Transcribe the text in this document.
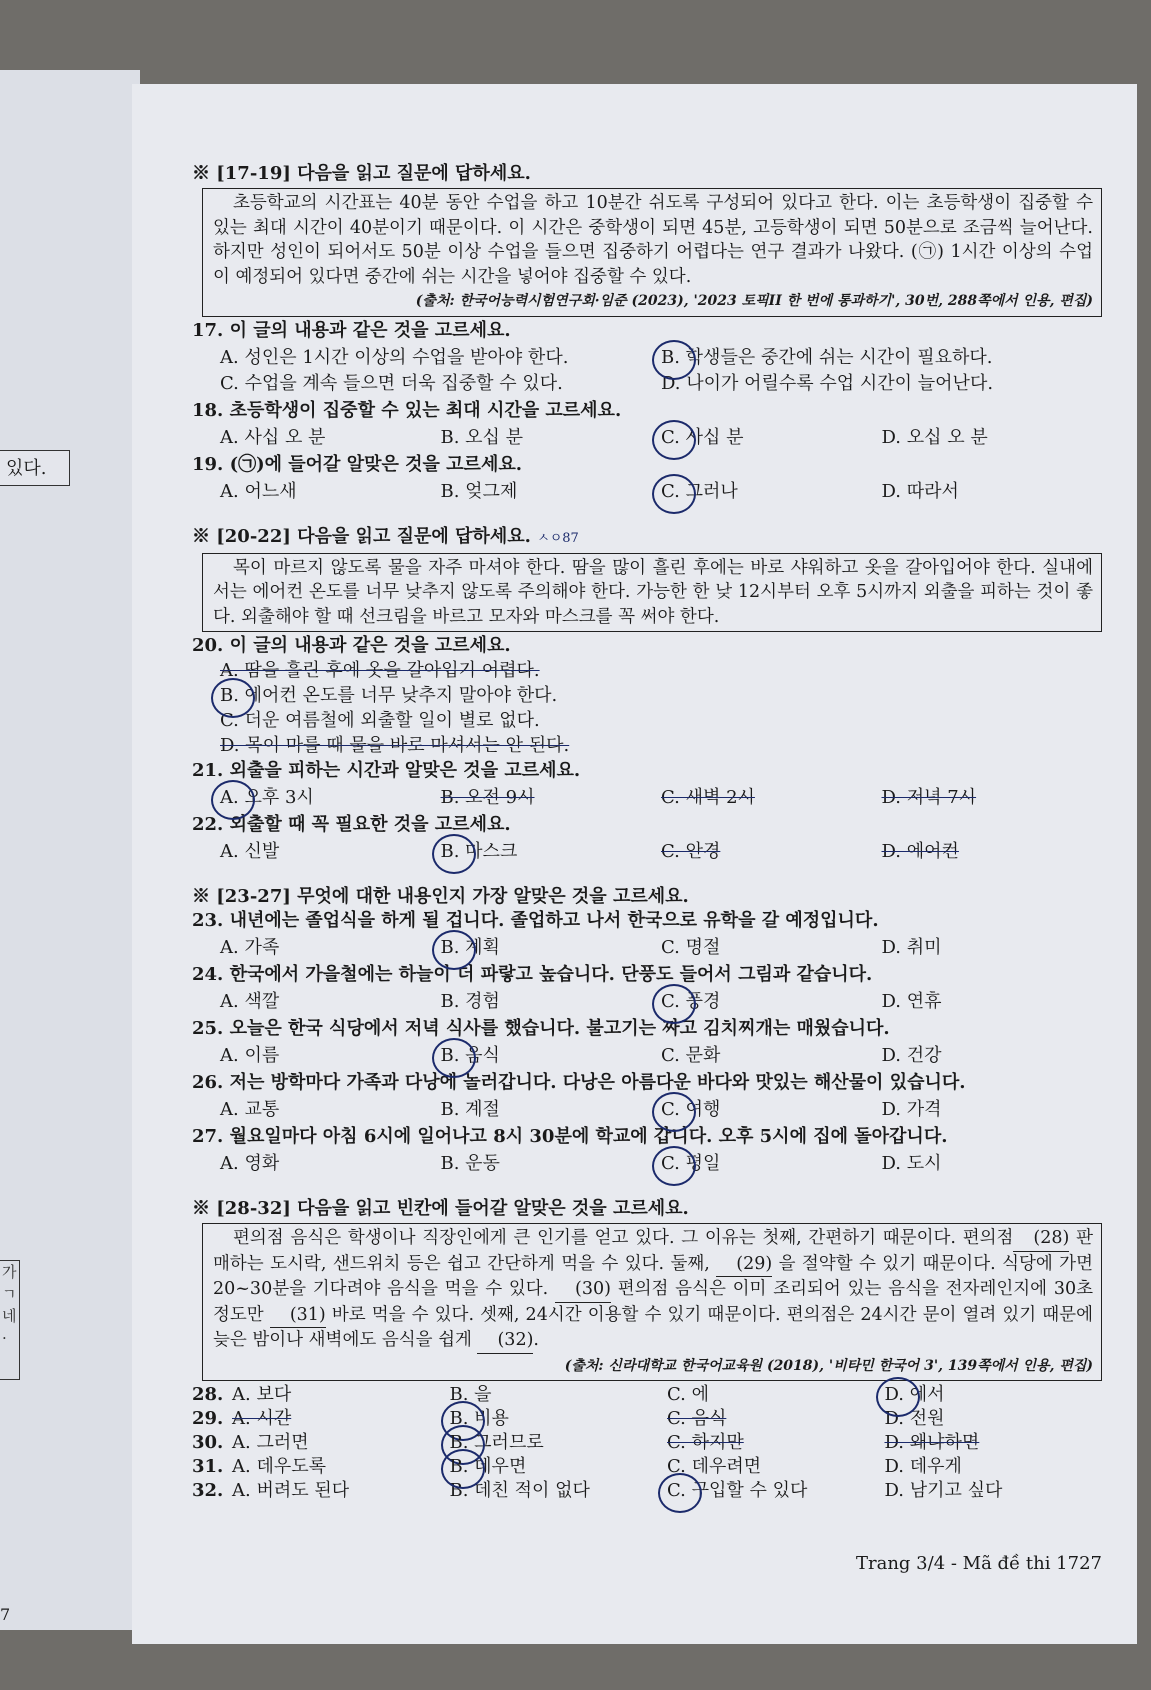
있다.
가
ㄱ
네
·
7

※ [17-19] 다음을 읽고 질문에 답하세요.

초등학교의 시간표는 40분 동안 수업을 하고 10분간 쉬도록 구성되어 있다고 한다. 이는 초등학생이 집중할 수 있는 최대 시간이 40분이기 때문이다. 이 시간은 중학생이 되면 45분, 고등학생이 되면 50분으로 조금씩 늘어난다. 하지만 성인이 되어서도 50분 이상 수업을 들으면 집중하기 어렵다는 연구 결과가 나왔다. (㉠) 1시간 이상의 수업이 예정되어 있다면 중간에 쉬는 시간을 넣어야 집중할 수 있다.
(출처: 한국어능력시험연구회·임준 (2023), '2023 토픽II 한 번에 통과하기', 30번, 288쪽에서 인용, 편집)

17. 이 글의 내용과 같은 것을 고르세요.

A. 성인은 1시간 이상의 수업을 받아야 한다.	B. 학생들은 중간에 쉬는 시간이 필요하다.
C. 수업을 계속 들으면 더욱 집중할 수 있다.	D. 나이가 어릴수록 수업 시간이 늘어난다.

18. 초등학생이 집중할 수 있는 최대 시간을 고르세요.

A. 사십 오 분	B. 오십 분	C. 사십 분	D. 오십 오 분

19. (㉠)에 들어갈 알맞은 것을 고르세요.

A. 어느새	B. 엊그제	C. 그러나	D. 따라서

※ [20-22] 다음을 읽고 질문에 답하세요. ㅅㅇ87

목이 마르지 않도록 물을 자주 마셔야 한다. 땀을 많이 흘린 후에는 바로 샤워하고 옷을 갈아입어야 한다. 실내에서는 에어컨 온도를 너무 낮추지 않도록 주의해야 한다. 가능한 한 낮 12시부터 오후 5시까지 외출을 피하는 것이 좋다. 외출해야 할 때 선크림을 바르고 모자와 마스크를 꼭 써야 한다.

20. 이 글의 내용과 같은 것을 고르세요.

A. 땀을 흘린 후에 옷을 갈아입기 어렵다.
B. 에어컨 온도를 너무 낮추지 말아야 한다.
C. 더운 여름철에 외출할 일이 별로 없다.
D. 목이 마를 때 물을 바로 마셔서는 안 된다.

21. 외출을 피하는 시간과 알맞은 것을 고르세요.

A. 오후 3시	B. 오전 9시	C. 새벽 2시	D. 저녁 7시

22. 외출할 때 꼭 필요한 것을 고르세요.

A. 신발	B. 마스크	C. 안경	D. 에어컨

※ [23-27] 무엇에 대한 내용인지 가장 알맞은 것을 고르세요.

23. 내년에는 졸업식을 하게 될 겁니다. 졸업하고 나서 한국으로 유학을 갈 예정입니다.

A. 가족	B. 계획	C. 명절	D. 취미

24. 한국에서 가을철에는 하늘이 더 파랗고 높습니다. 단풍도 들어서 그림과 같습니다.

A. 색깔	B. 경험	C. 풍경	D. 연휴

25. 오늘은 한국 식당에서 저녁 식사를 했습니다. 불고기는 짜고 김치찌개는 매웠습니다.

A. 이름	B. 음식	C. 문화	D. 건강

26. 저는 방학마다 가족과 다낭에 놀러갑니다. 다낭은 아름다운 바다와 맛있는 해산물이 있습니다.

A. 교통	B. 계절	C. 여행	D. 가격

27. 월요일마다 아침 6시에 일어나고 8시 30분에 학교에 갑니다. 오후 5시에 집에 돌아갑니다.

A. 영화	B. 운동	C. 평일	D. 도시

※ [28-32] 다음을 읽고 빈칸에 들어갈 알맞은 것을 고르세요.

편의점 음식은 학생이나 직장인에게 큰 인기를 얻고 있다. 그 이유는 첫째, 간편하기 때문이다. 편의점 (28) 판매하는 도시락, 샌드위치 등은 쉽고 간단하게 먹을 수 있다. 둘째, (29) 을 절약할 수 있기 때문이다. 식당에 가면 20~30분을 기다려야 음식을 먹을 수 있다. (30) 편의점 음식은 이미 조리되어 있는 음식을 전자레인지에 30초 정도만 (31) 바로 먹을 수 있다. 셋째, 24시간 이용할 수 있기 때문이다. 편의점은 24시간 문이 열려 있기 때문에 늦은 밤이나 새벽에도 음식을 쉽게 (32).
(출처: 신라대학교 한국어교육원 (2018), '비타민 한국어 3', 139쪽에서 인용, 편집)
28. A. 보다	B. 을	C. 에	D. 에서
29. A. 시간	B. 비용	C. 음식	D. 전원
30. A. 그러면	B. 그러므로	C. 하지만	D. 왜냐하면
31. A. 데우도록	B. 데우면	C. 데우려면	D. 데우게
32. A. 버려도 된다	B. 데친 적이 없다	C. 구입할 수 있다	D. 남기고 싶다
Trang 3/4 - Mã đề thi 1727
